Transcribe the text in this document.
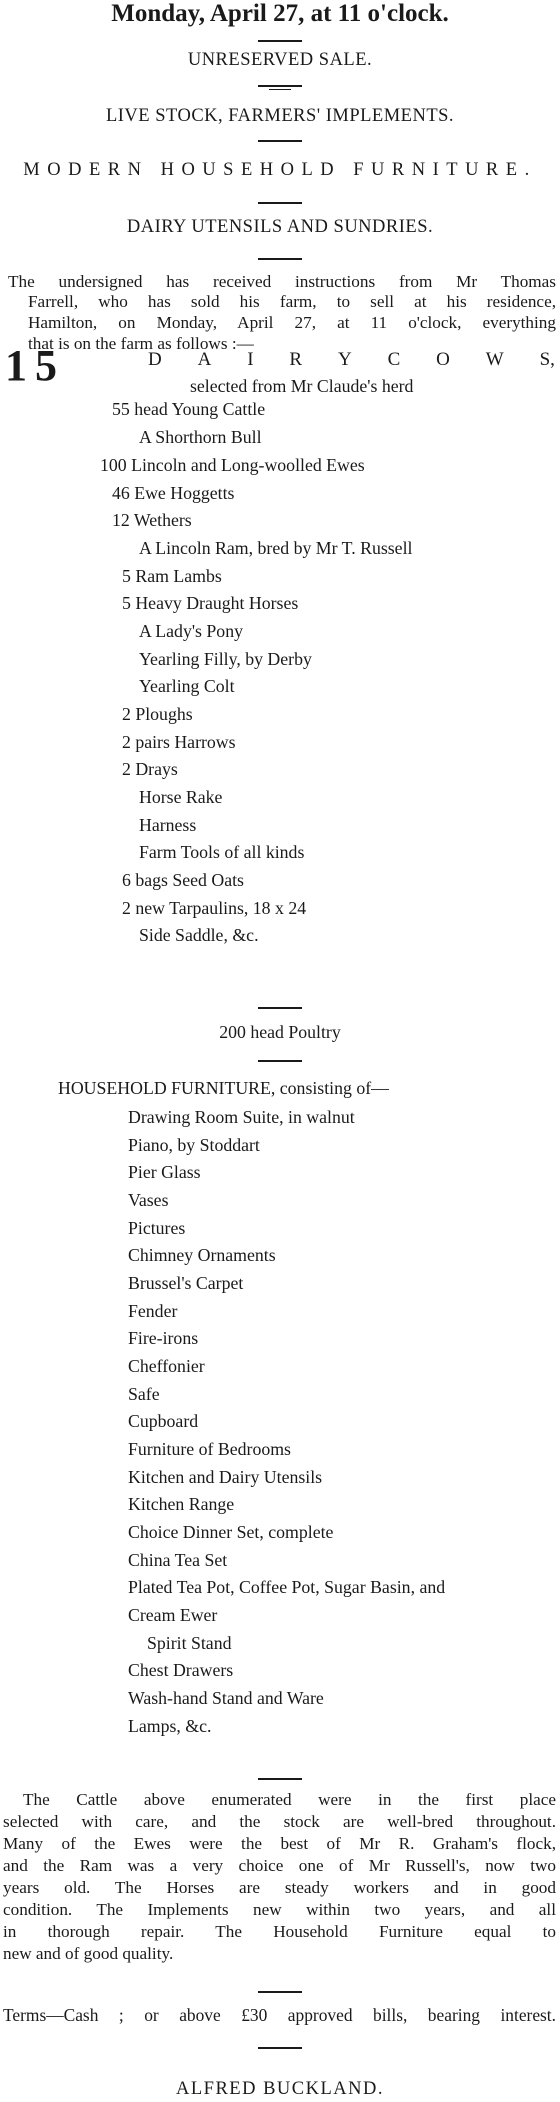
Monday, April 27, at 11 o'clock.
UNRESERVED SALE.
LIVE STOCK, FARMERS' IMPLEMENTS.
MODERN HOUSEHOLD FURNITURE.
DAIRY UTENSILS AND SUNDRIES.
The undersigned has received instructions from Mr Thomas
Farrell, who has sold his farm, to sell at his residence,
Hamilton, on Monday, April 27, at 11 o'clock, everything
that is on the farm as follows :—
15	D A I R Y C O W S,
selected from Mr Claude's herd
55 head Young Cattle
A Shorthorn Bull
100 Lincoln and Long-woolled Ewes
46 Ewe Hoggetts
12 Wethers
A Lincoln Ram, bred by Mr T. Russell
5 Ram Lambs
5 Heavy Draught Horses
A Lady's Pony
Yearling Filly, by Derby
Yearling Colt
2 Ploughs
2 pairs Harrows
2 Drays
Horse Rake
Harness
Farm Tools of all kinds
6 bags Seed Oats
2 new Tarpaulins, 18 x 24
Side Saddle, &c.
200 head Poultry
HOUSEHOLD FURNITURE, consisting of—
Drawing Room Suite, in walnut
Piano, by Stoddart
Pier Glass
Vases
Pictures
Chimney Ornaments
Brussel's Carpet
Fender
Fire-irons
Cheffonier
Safe
Cupboard
Furniture of Bedrooms
Kitchen and Dairy Utensils
Kitchen Range
Choice Dinner Set, complete
China Tea Set
Plated Tea Pot, Coffee Pot, Sugar Basin, and
Cream Ewer
Spirit Stand
Chest Drawers
Wash-hand Stand and Ware
Lamps, &c.
The Cattle above enumerated were in the first place
selected with care, and the stock are well-bred throughout.
Many of the Ewes were the best of Mr R. Graham's flock,
and the Ram was a very choice one of Mr Russell's, now two
years old. The Horses are steady workers and in good
condition. The Implements new within two years, and all
in thorough repair. The Household Furniture equal to
new and of good quality.
Terms—Cash ; or above £30 approved bills, bearing interest.
ALFRED BUCKLAND.
